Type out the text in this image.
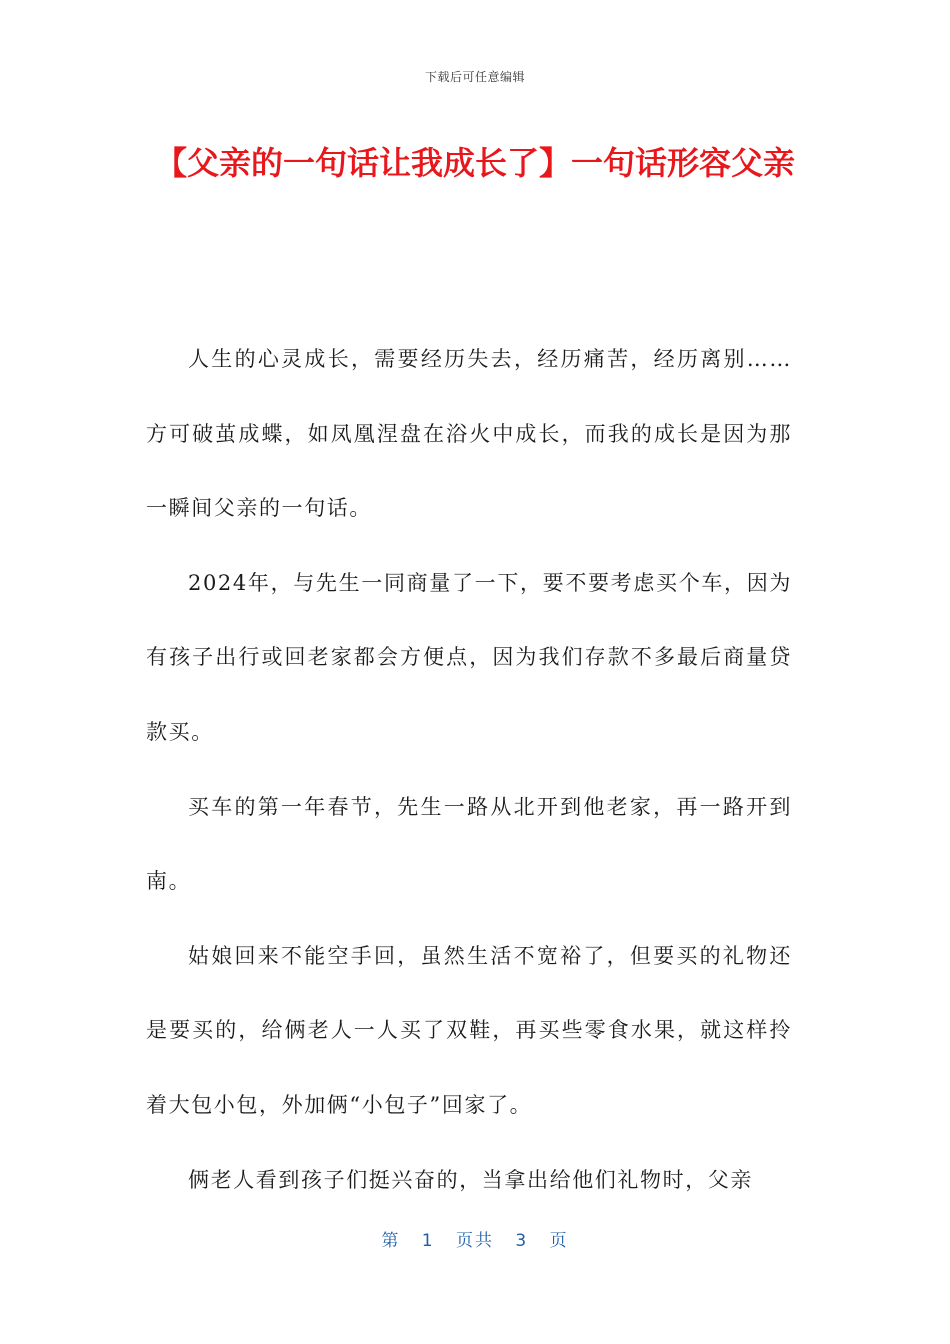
下载后可任意编辑
【父亲的一句话让我成长了】一句话形容父亲

人生的心灵成长，需要经历失去，经历痛苦，经历离别……方可破茧成蝶，如凤凰涅盘在浴火中成长，而我的成长是因为那一瞬间父亲的一句话。

2024年，与先生一同商量了一下，要不要考虑买个车，因为有孩子出行或回老家都会方便点，因为我们存款不多最后商量贷款买。

买车的第一年春节，先生一路从北开到他老家，再一路开到南。

姑娘回来不能空手回，虽然生活不宽裕了，但要买的礼物还是要买的，给俩老人一人买了双鞋，再买些零食水果，就这样拎着大包小包，外加俩“小包子”回家了。

俩老人看到孩子们挺兴奋的，当拿出给他们礼物时，父亲

第 1 页共 3 页
